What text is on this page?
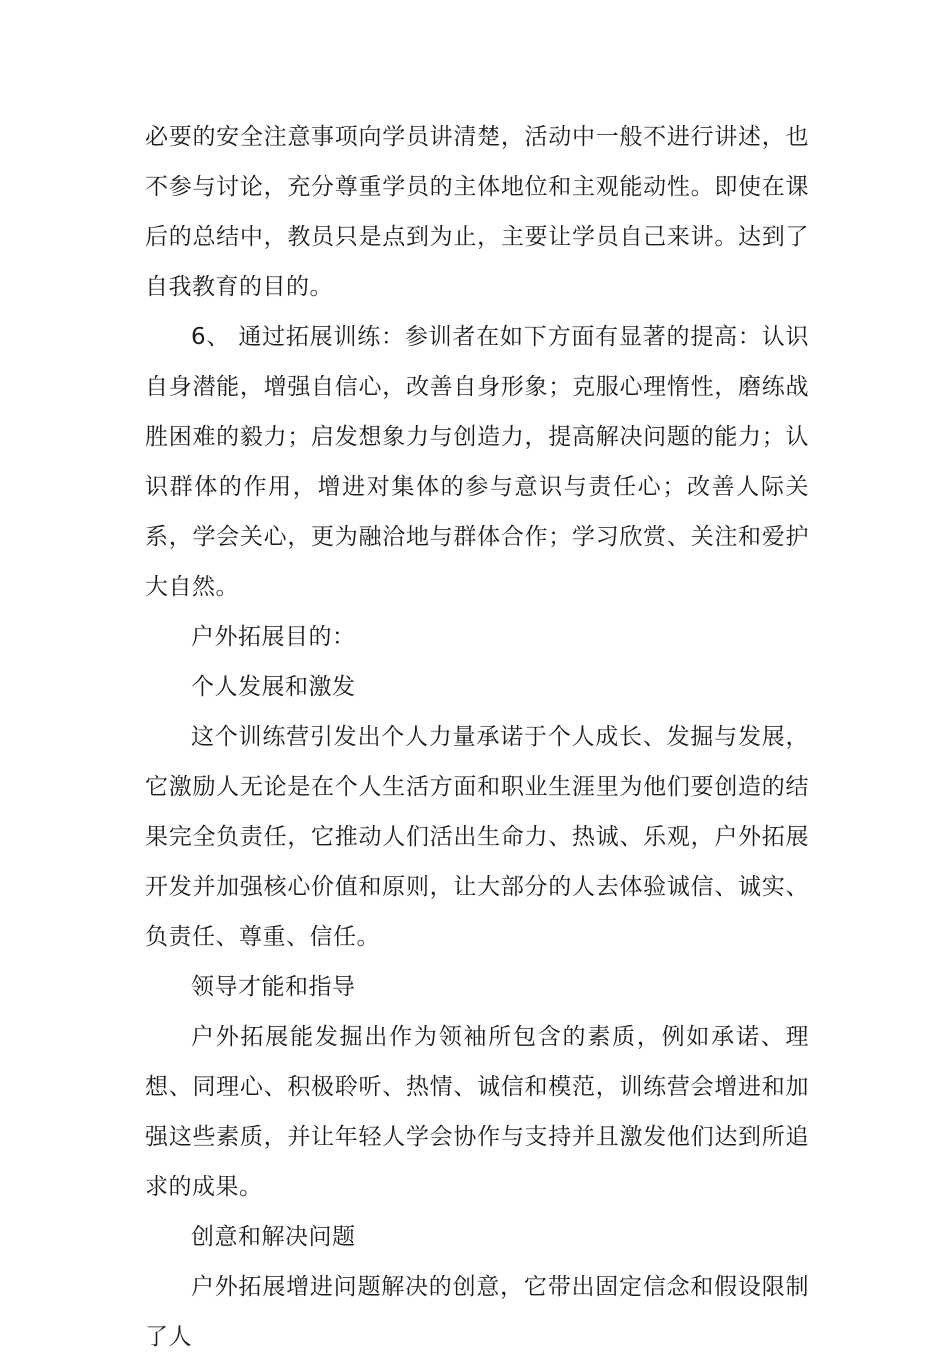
必要的安全注意事项向学员讲清楚，活动中一般不进行讲述，也不参与讨论，充分尊重学员的主体地位和主观能动性。即使在课后的总结中，教员只是点到为止，主要让学员自己来讲。达到了自我教育的目的。

6、 通过拓展训练：参训者在如下方面有显著的提高：认识自身潜能，增强自信心，改善自身形象；克服心理惰性，磨练战胜困难的毅力；启发想象力与创造力，提高解决问题的能力；认识群体的作用，增进对集体的参与意识与责任心；改善人际关系，学会关心，更为融洽地与群体合作；学习欣赏、关注和爱护大自然。

户外拓展目的：

个人发展和激发

这个训练营引发出个人力量承诺于个人成长、发掘与发展，它激励人无论是在个人生活方面和职业生涯里为他们要创造的结果完全负责任，它推动人们活出生命力、热诚、乐观，户外拓展开发并加强核心价值和原则，让大部分的人去体验诚信、诚实、负责任、尊重、信任。

领导才能和指导

户外拓展能发掘出作为领袖所包含的素质，例如承诺、理想、同理心、积极聆听、热情、诚信和模范，训练营会增进和加强这些素质，并让年轻人学会协作与支持并且激发他们达到所追求的成果。

创意和解决问题

户外拓展增进问题解决的创意，它带出固定信念和假设限制了人
